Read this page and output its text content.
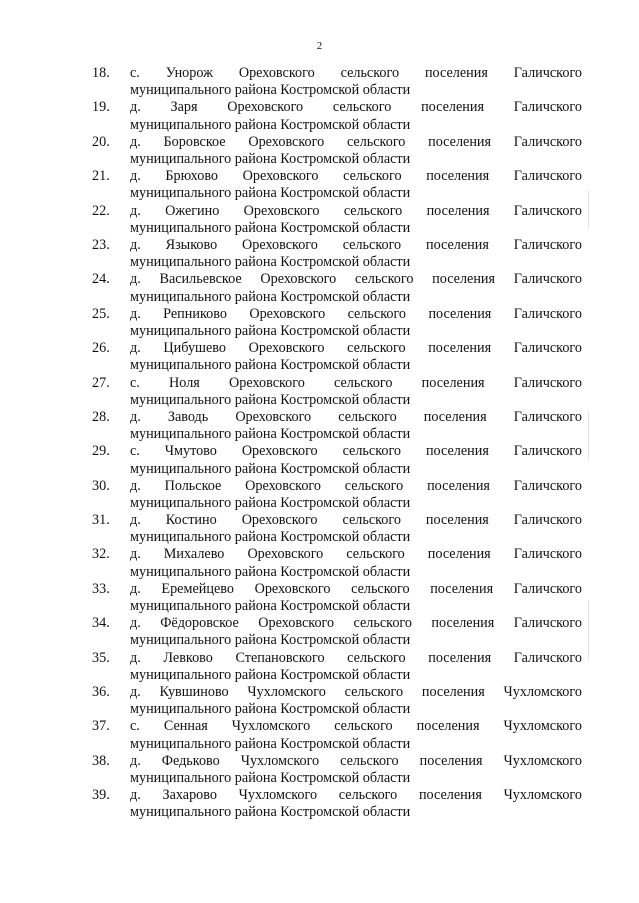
2
18.	с. Унорож Ореховского сельского поселения Галичского
муниципального района Костромской области
19.	д. Заря Ореховского сельского поселения Галичского
муниципального района Костромской области
20.	д. Боровское Ореховского сельского поселения Галичского
муниципального района Костромской области
21.	д. Брюхово Ореховского сельского поселения Галичского
муниципального района Костромской области
22.	д. Ожегино Ореховского сельского поселения Галичского
муниципального района Костромской области
23.	д. Языково Ореховского сельского поселения Галичского
муниципального района Костромской области
24.	д. Васильевское Ореховского сельского поселения Галичского
муниципального района Костромской области
25.	д. Репниково Ореховского сельского поселения Галичского
муниципального района Костромской области
26.	д. Цибушево Ореховского сельского поселения Галичского
муниципального района Костромской области
27.	с. Ноля Ореховского сельского поселения Галичского
муниципального района Костромской области
28.	д. Заводь Ореховского сельского поселения Галичского
муниципального района Костромской области
29.	с. Чмутово Ореховского сельского поселения Галичского
муниципального района Костромской области
30.	д. Польское Ореховского сельского поселения Галичского
муниципального района Костромской области
31.	д. Костино Ореховского сельского поселения Галичского
муниципального района Костромской области
32.	д. Михалево Ореховского сельского поселения Галичского
муниципального района Костромской области
33.	д. Еремейцево Ореховского сельского поселения Галичского
муниципального района Костромской области
34.	д. Фёдоровское Ореховского сельского поселения Галичского
муниципального района Костромской области
35.	д. Левково Степановского сельского поселения Галичского
муниципального района Костромской области
36.	д. Кувшиново Чухломского сельского поселения Чухломского
муниципального района Костромской области
37.	с. Сенная Чухломского сельского поселения Чухломского
муниципального района Костромской области
38.	д. Федьково Чухломского сельского поселения Чухломского
муниципального района Костромской области
39.	д. Захарово Чухломского сельского поселения Чухломского
муниципального района Костромской области
